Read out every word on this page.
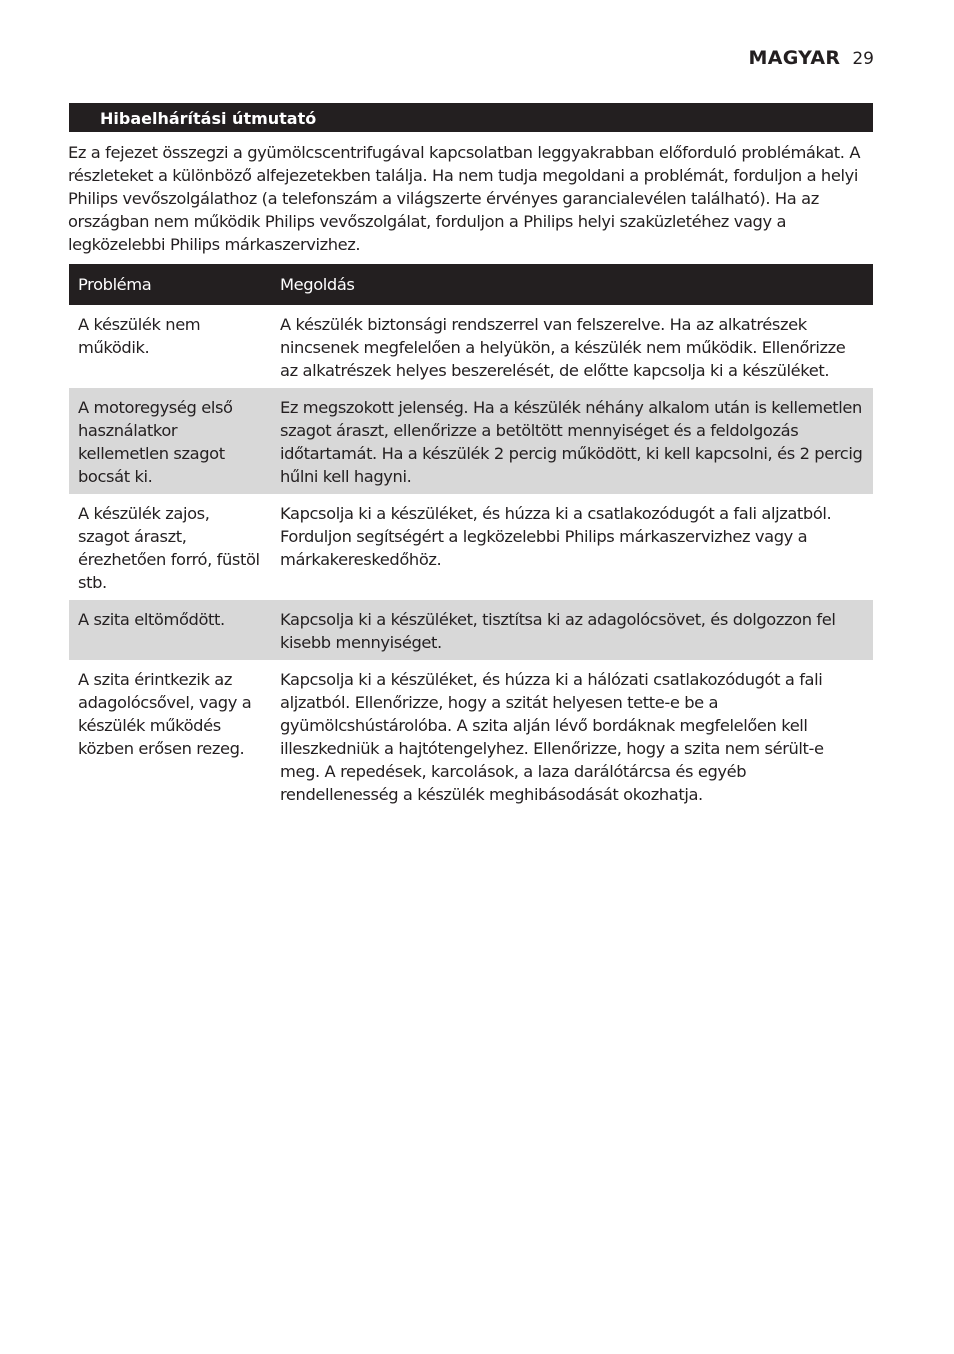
MAGYAR 29
Hibaelhárítási útmutató

Ez a fejezet összegzi a gyümölcscentrifugával kapcsolatban leggyakrabban előforduló problémákat. A részleteket a különböző alfejezetekben találja. Ha nem tudja megoldani a problémát, forduljon a helyi Philips vevőszolgálathoz (a telefonszám a világszerte érvényes garancialevélen található). Ha az országban nem működik Philips vevőszolgálat, forduljon a Philips helyi szaküzletéhez vagy a legközelebbi Philips márkaszervizhez.

Probléma	Megoldás
A készülék nem működik.	A készülék biztonsági rendszerrel van felszerelve. Ha az alkatrészek nincsenek megfelelően a helyükön, a készülék nem működik. Ellenőrizze az alkatrészek helyes beszerelését, de előtte kapcsolja ki a készüléket.
A motoregység első használatkor kellemetlen szagot bocsát ki.	Ez megszokott jelenség. Ha a készülék néhány alkalom után is kellemetlen szagot áraszt, ellenőrizze a betöltött mennyiséget és a feldolgozás időtartamát. Ha a készülék 2 percig működött, ki kell kapcsolni, és 2 percig hűlni kell hagyni.
A készülék zajos, szagot áraszt, érezhetően forró, füstöl stb.	Kapcsolja ki a készüléket, és húzza ki a csatlakozódugót a fali aljzatból. Forduljon segítségért a legközelebbi Philips márkaszervizhez vagy a márkakereskedőhöz.
A szita eltömődött.	Kapcsolja ki a készüléket, tisztítsa ki az adagolócsövet, és dolgozzon fel kisebb mennyiséget.
A szita érintkezik az adagolócsővel, vagy a készülék működés közben erősen rezeg.	Kapcsolja ki a készüléket, és húzza ki a hálózati csatlakozódugót a fali aljzatból. Ellenőrizze, hogy a szitát helyesen tette-e be a gyümölcshústárolóba. A szita alján lévő bordáknak megfelelően kell illeszkedniük a hajtótengelyhez. Ellenőrizze, hogy a szita nem sérült-e meg. A repedések, karcolások, a laza darálótárcsa és egyéb rendellenesség a készülék meghibásodását okozhatja.
